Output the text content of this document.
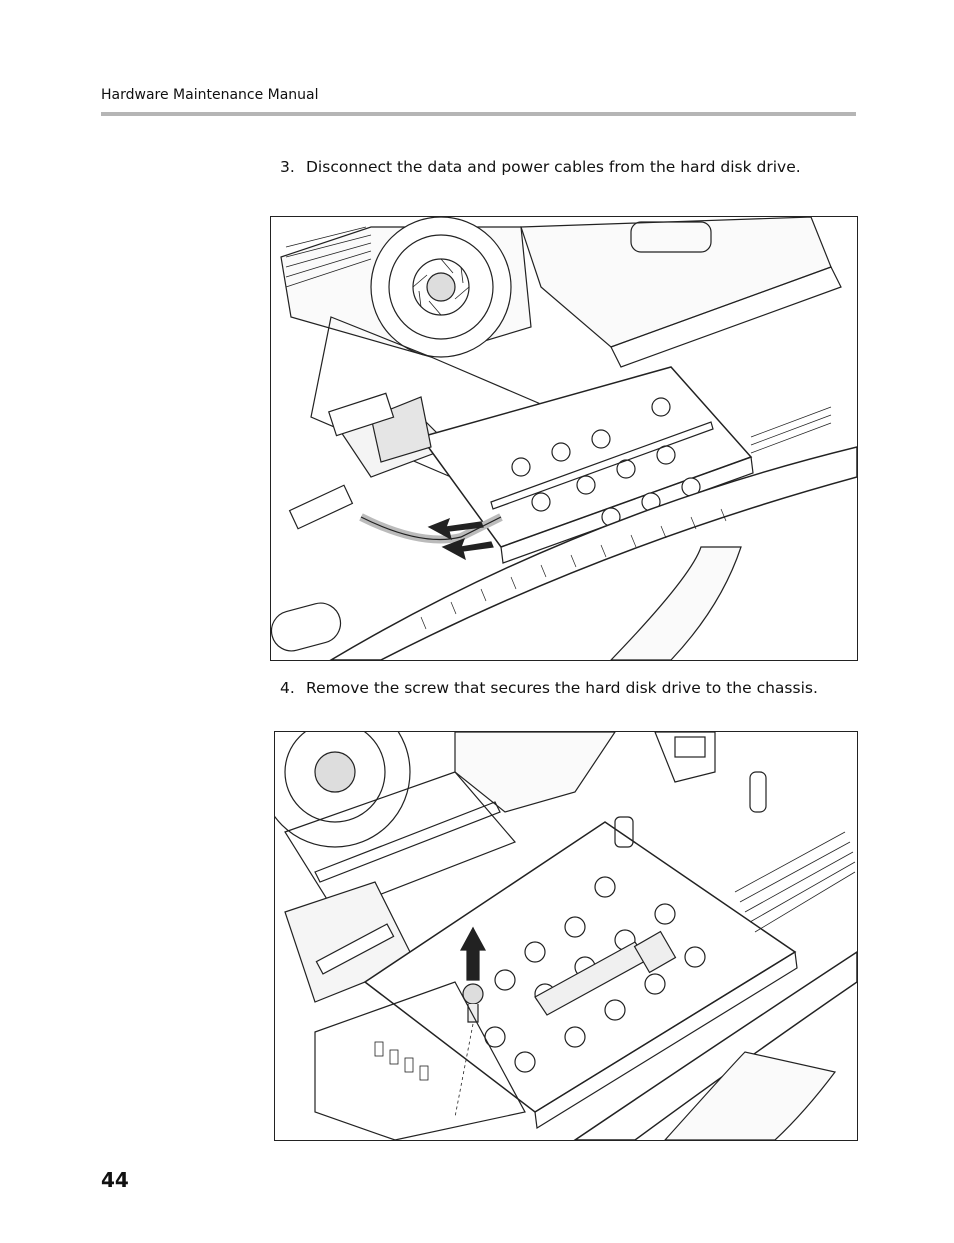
Hardware Maintenance Manual
3. Disconnect the data and power cables from the hard disk drive.
4. Remove the screw that secures the hard disk drive to the chassis.
44
